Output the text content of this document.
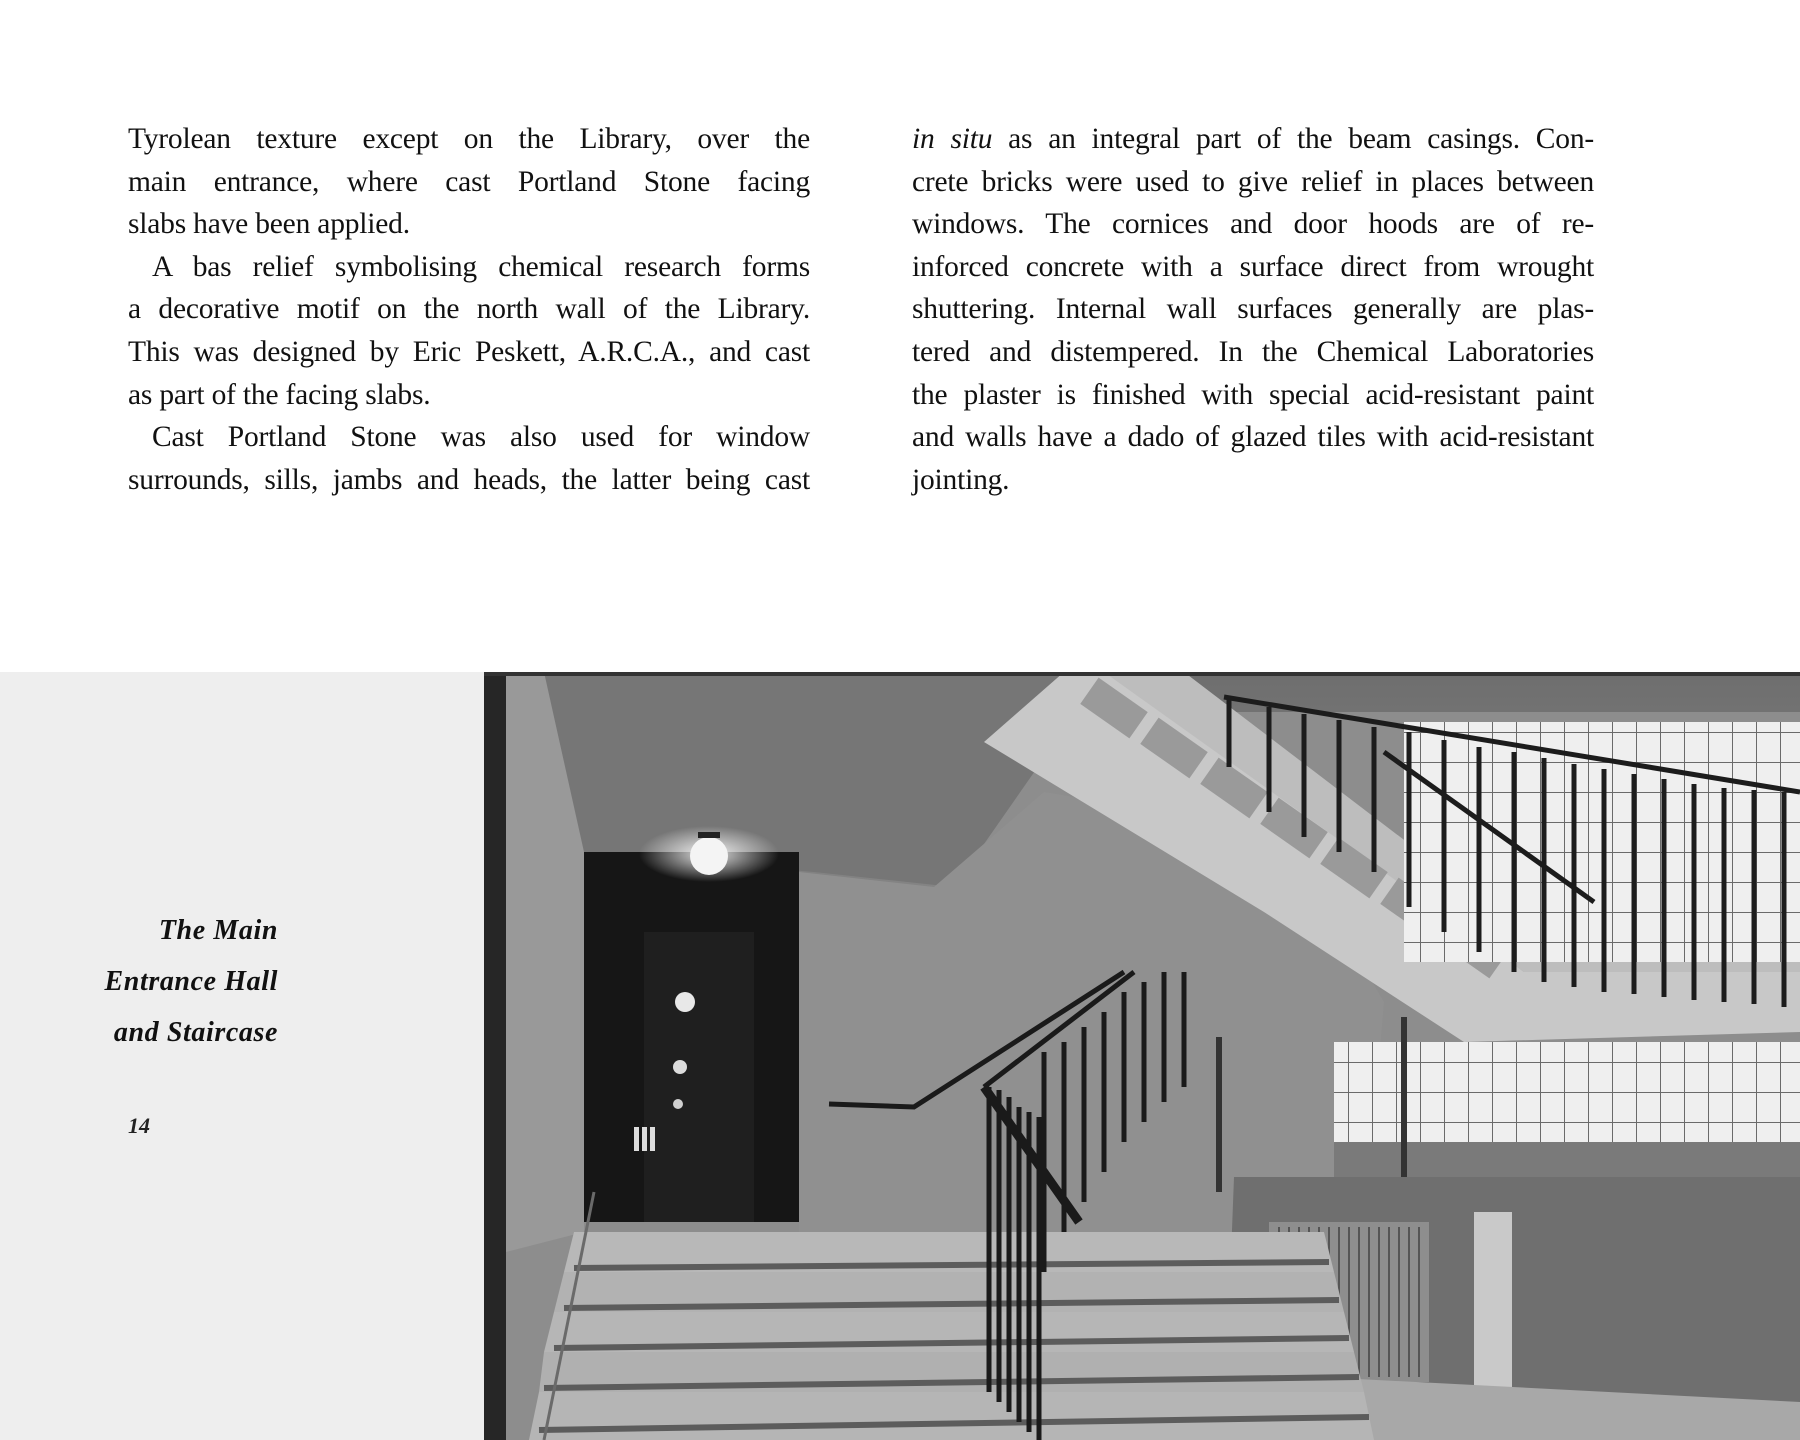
Tyrolean texture except on the Library, over the
main entrance, where cast Portland Stone facing
slabs have been applied.
A bas relief symbolising chemical research forms
a decorative motif on the north wall of the Library.
This was designed by Eric Peskett, A.R.C.A., and cast
as part of the facing slabs.
Cast Portland Stone was also used for window
surrounds, sills, jambs and heads, the latter being cast
in situ as an integral part of the beam casings. Con-
crete bricks were used to give relief in places between
windows. The cornices and door hoods are of re-
inforced concrete with a surface direct from wrought
shuttering. Internal wall surfaces generally are plas-
tered and distempered. In the Chemical Laboratories
the plaster is finished with special acid-resistant paint
and walls have a dado of glazed tiles with acid-resistant
jointing.
The Main
Entrance Hall
and Staircase
14
